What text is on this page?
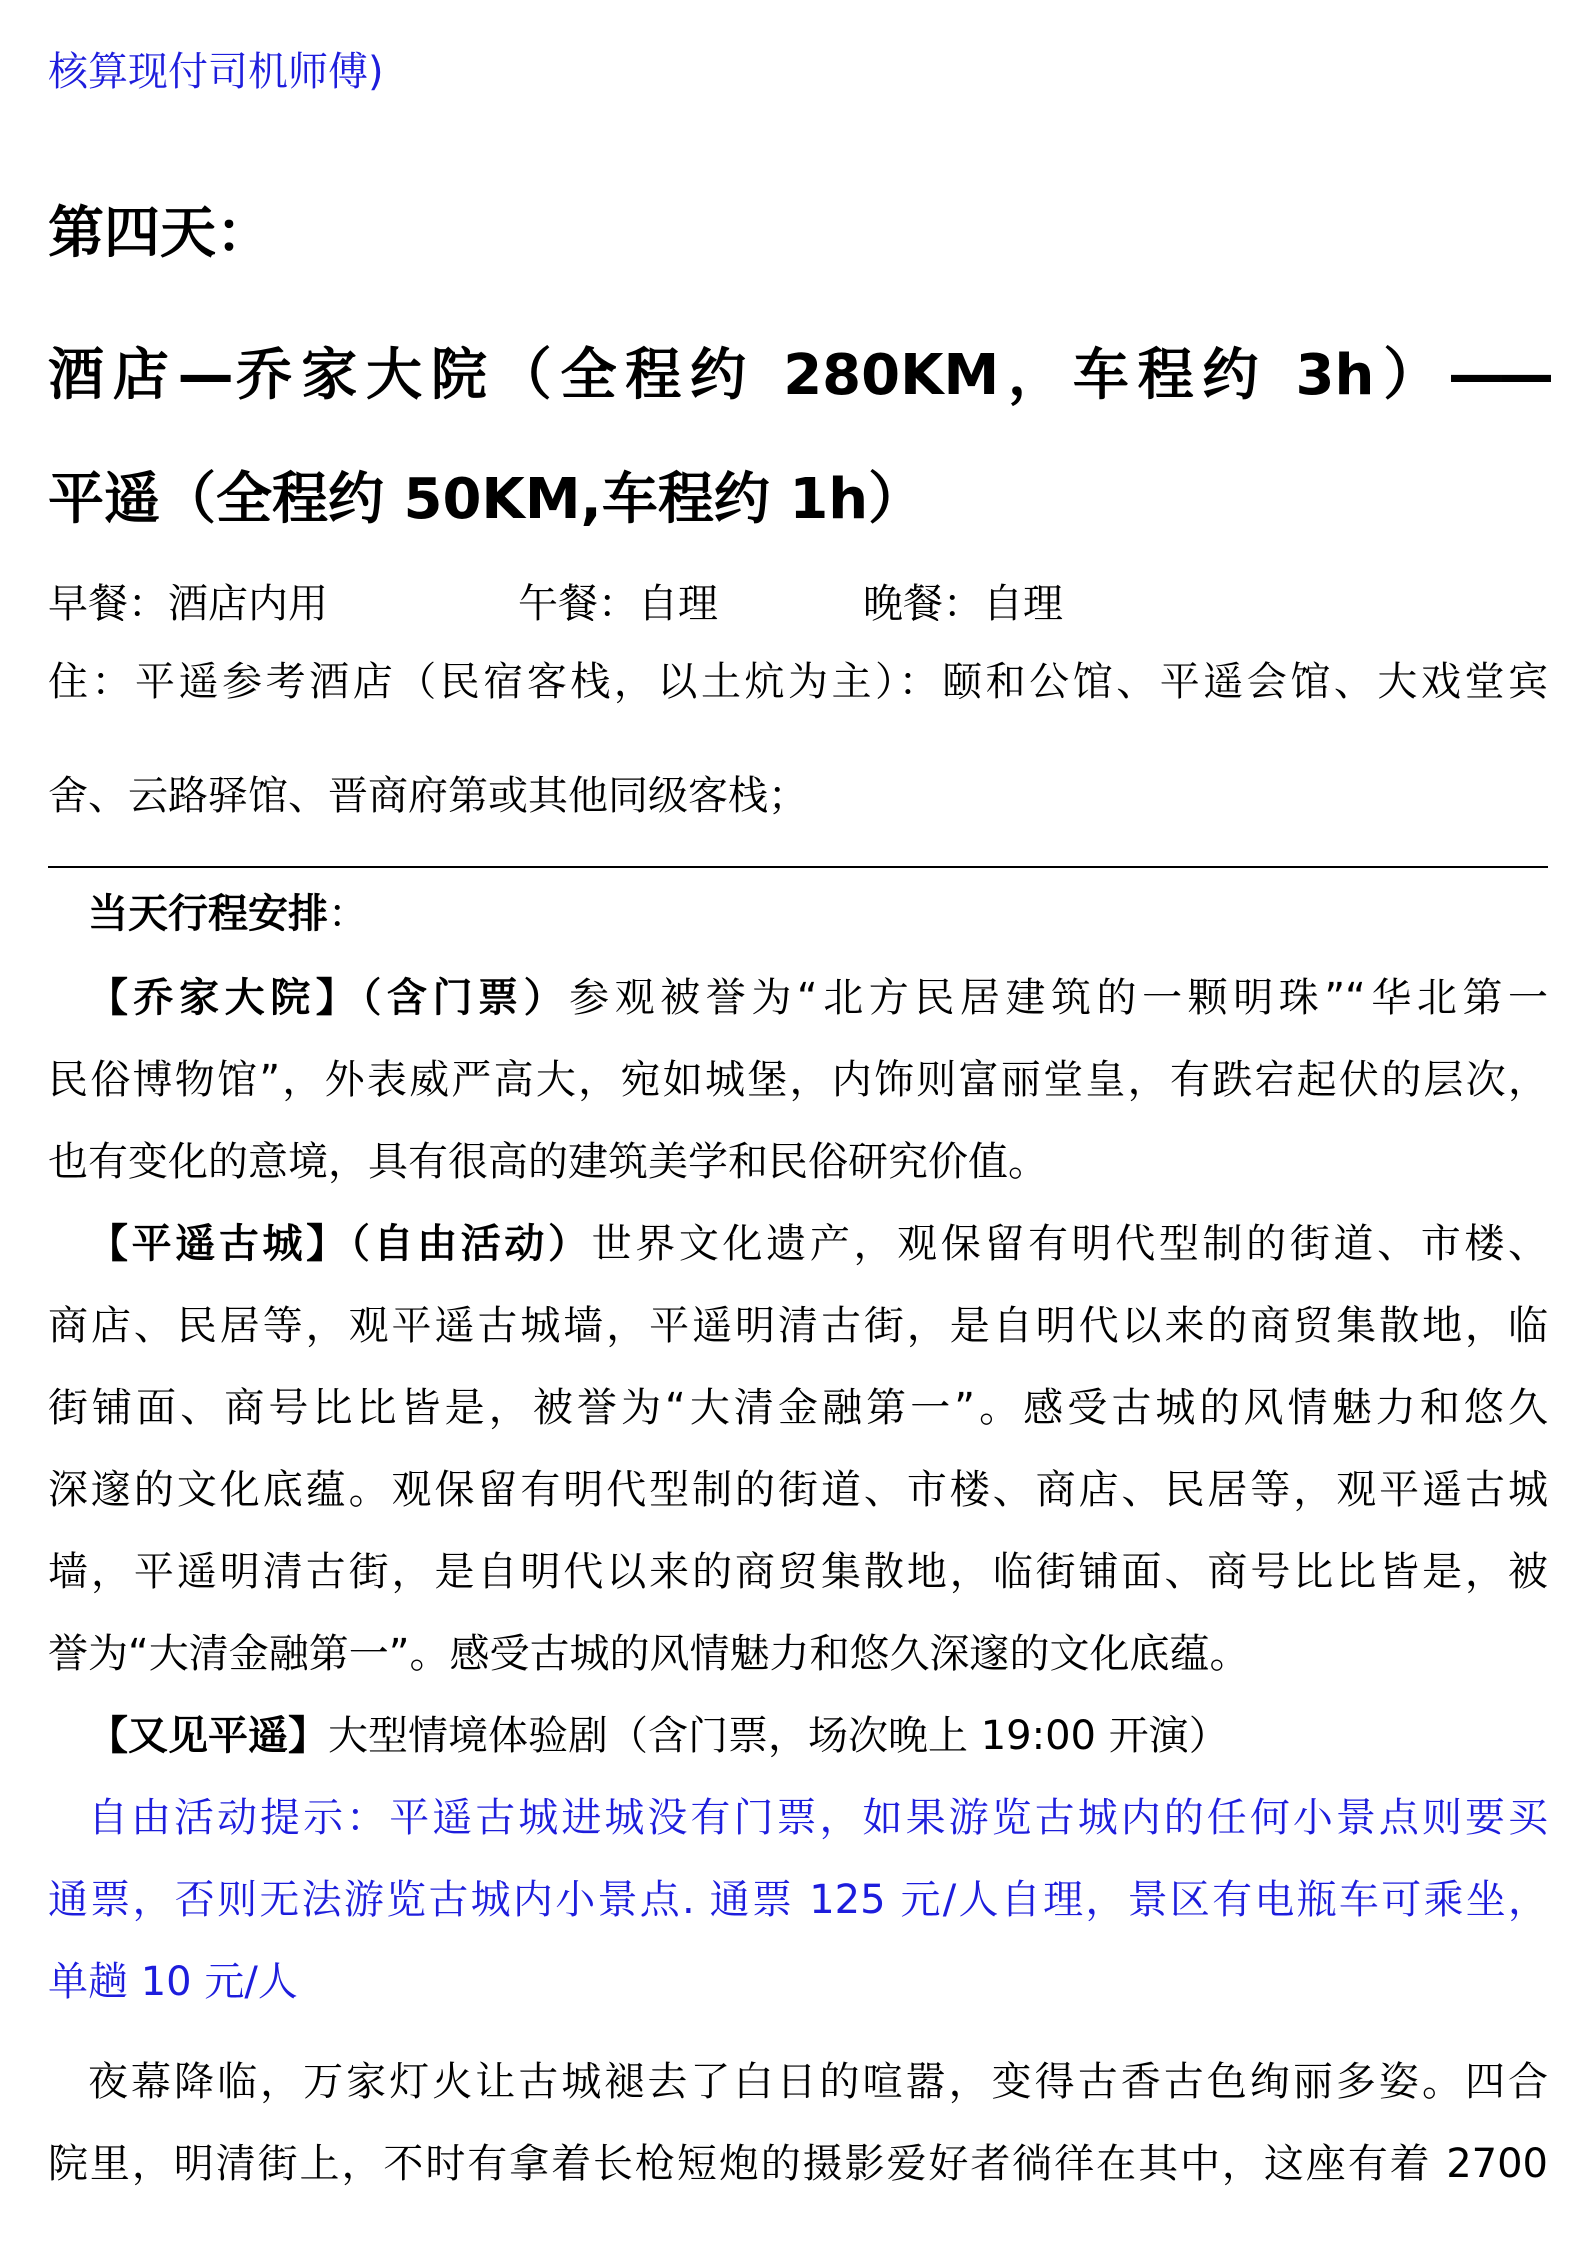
核算现付司机师傅)
第四天：
酒店—乔家大院（全程约 280KM，车程约 3h）——
平遥（全程约 50KM,车程约 1h）
早餐：酒店内用	午餐：自理	晚餐：自理
住：平遥参考酒店（民宿客栈，以土炕为主）：颐和公馆、平遥会馆、大戏堂宾
舍、云路驿馆、晋商府第或其他同级客栈；
当天行程安排：
【乔家大院】（含门票）参观被誉为“北方民居建筑的一颗明珠”“华北第一
民俗博物馆”，外表威严高大，宛如城堡，内饰则富丽堂皇，有跌宕起伏的层次，
也有变化的意境，具有很高的建筑美学和民俗研究价值。
【平遥古城】（自由活动）世界文化遗产，观保留有明代型制的街道、市楼、
商店、民居等，观平遥古城墙，平遥明清古街，是自明代以来的商贸集散地，临
街铺面、商号比比皆是，被誉为“大清金融第一”。感受古城的风情魅力和悠久
深邃的文化底蕴。观保留有明代型制的街道、市楼、商店、民居等，观平遥古城
墙，平遥明清古街，是自明代以来的商贸集散地，临街铺面、商号比比皆是，被
誉为“大清金融第一”。感受古城的风情魅力和悠久深邃的文化底蕴。
【又见平遥】大型情境体验剧（含门票，场次晚上 19:00 开演）
自由活动提示：平遥古城进城没有门票，如果游览古城内的任何小景点则要买
通票，否则无法游览古城内小景点. 通票 125 元/人自理，景区有电瓶车可乘坐，
单趟 10 元/人
夜幕降临，万家灯火让古城褪去了白日的喧嚣，变得古香古色绚丽多姿。四合
院里，明清街上，不时有拿着长枪短炮的摄影爱好者徜徉在其中，这座有着 2700
